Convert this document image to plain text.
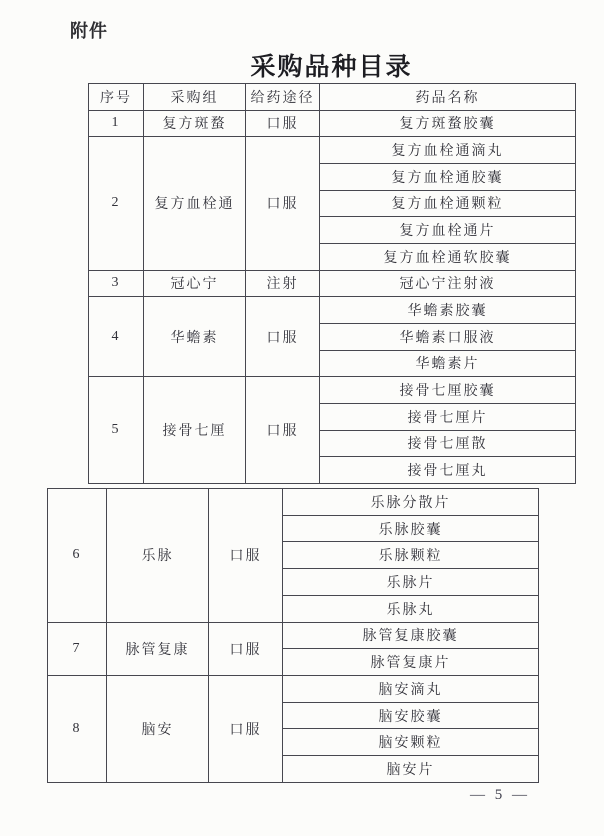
附件
采购品种目录
序号	采购组	给药途径	药品名称
1	复方斑蝥	口服	复方斑蝥胶囊
2	复方血栓通	口服	复方血栓通滴丸
			复方血栓通胶囊
			复方血栓通颗粒
			复方血栓通片
			复方血栓通软胶囊
3	冠心宁	注射	冠心宁注射液
4	华蟾素	口服	华蟾素胶囊
			华蟾素口服液
			华蟾素片
5	接骨七厘	口服	接骨七厘胶囊
			接骨七厘片
			接骨七厘散
			接骨七厘丸
6	乐脉	口服	乐脉分散片
			乐脉胶囊
			乐脉颗粒
			乐脉片
			乐脉丸
7	脉管复康	口服	脉管复康胶囊
			脉管复康片
8	脑安	口服	脑安滴丸
			脑安胶囊
			脑安颗粒
			脑安片
— 5 —
